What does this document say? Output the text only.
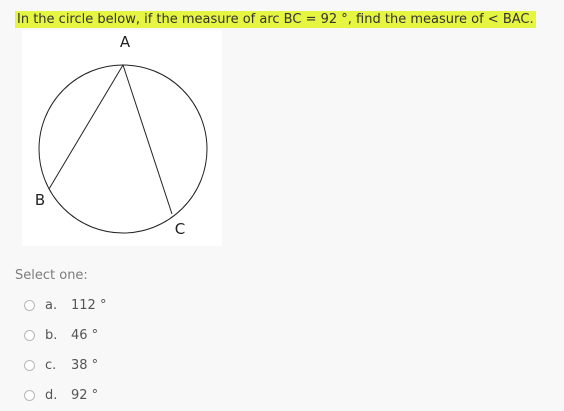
In the circle below, if the measure of arc BC = 92 °, find the measure of < BAC.
A
B
C
Select one:
a.	112 °
b.	46 °
c.	38 °
d.	92 °
